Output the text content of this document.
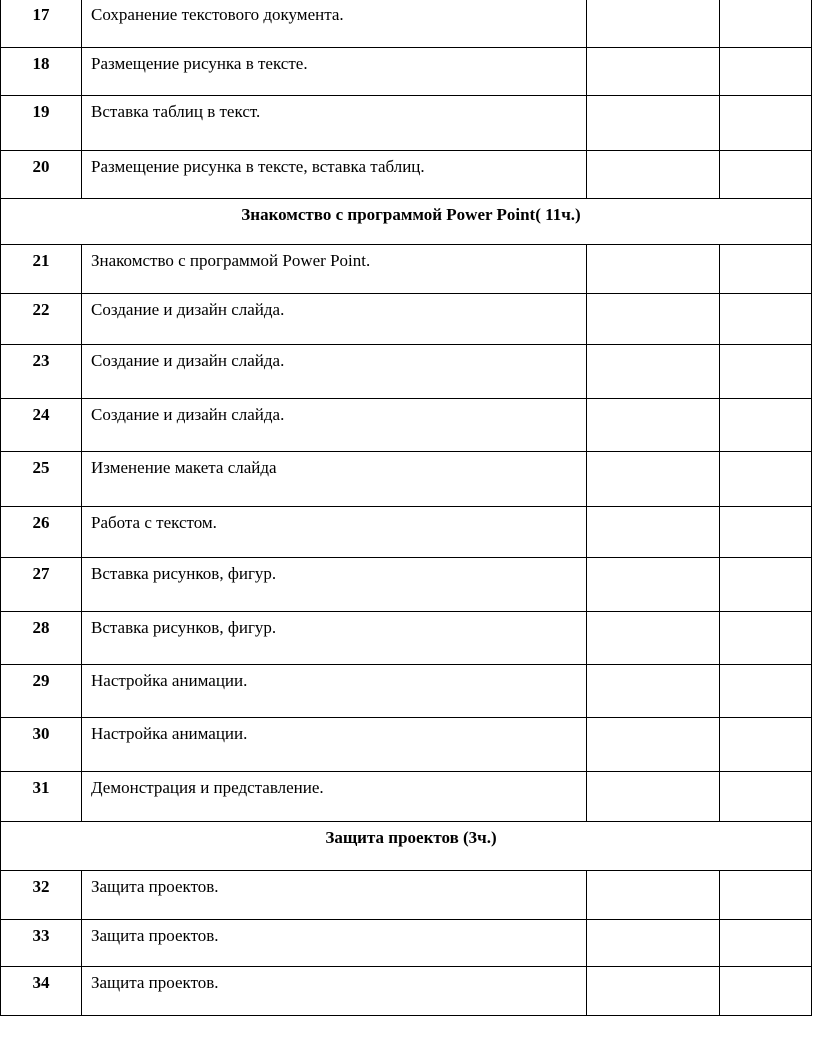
17	Сохранение текстового документа.		
18	Размещение рисунка в тексте.		
19	Вставка таблиц в текст.		
20	Размещение рисунка в тексте, вставка таблиц.		
Знакомство с программой Power Point( 11ч.)			
21	Знакомство с программой Power Point.		
22	Создание и дизайн слайда.		
23	Создание и дизайн слайда.		
24	Создание и дизайн слайда.		
25	Изменение макета слайда		
26	Работа с текстом.		
27	Вставка рисунков, фигур.		
28	Вставка рисунков, фигур.		
29	Настройка анимации.		
30	Настройка анимации.		
31	Демонстрация и представление.		
Защита проектов (3ч.)			
32	Защита проектов.		
33	Защита проектов.		
34	Защита проектов.		
